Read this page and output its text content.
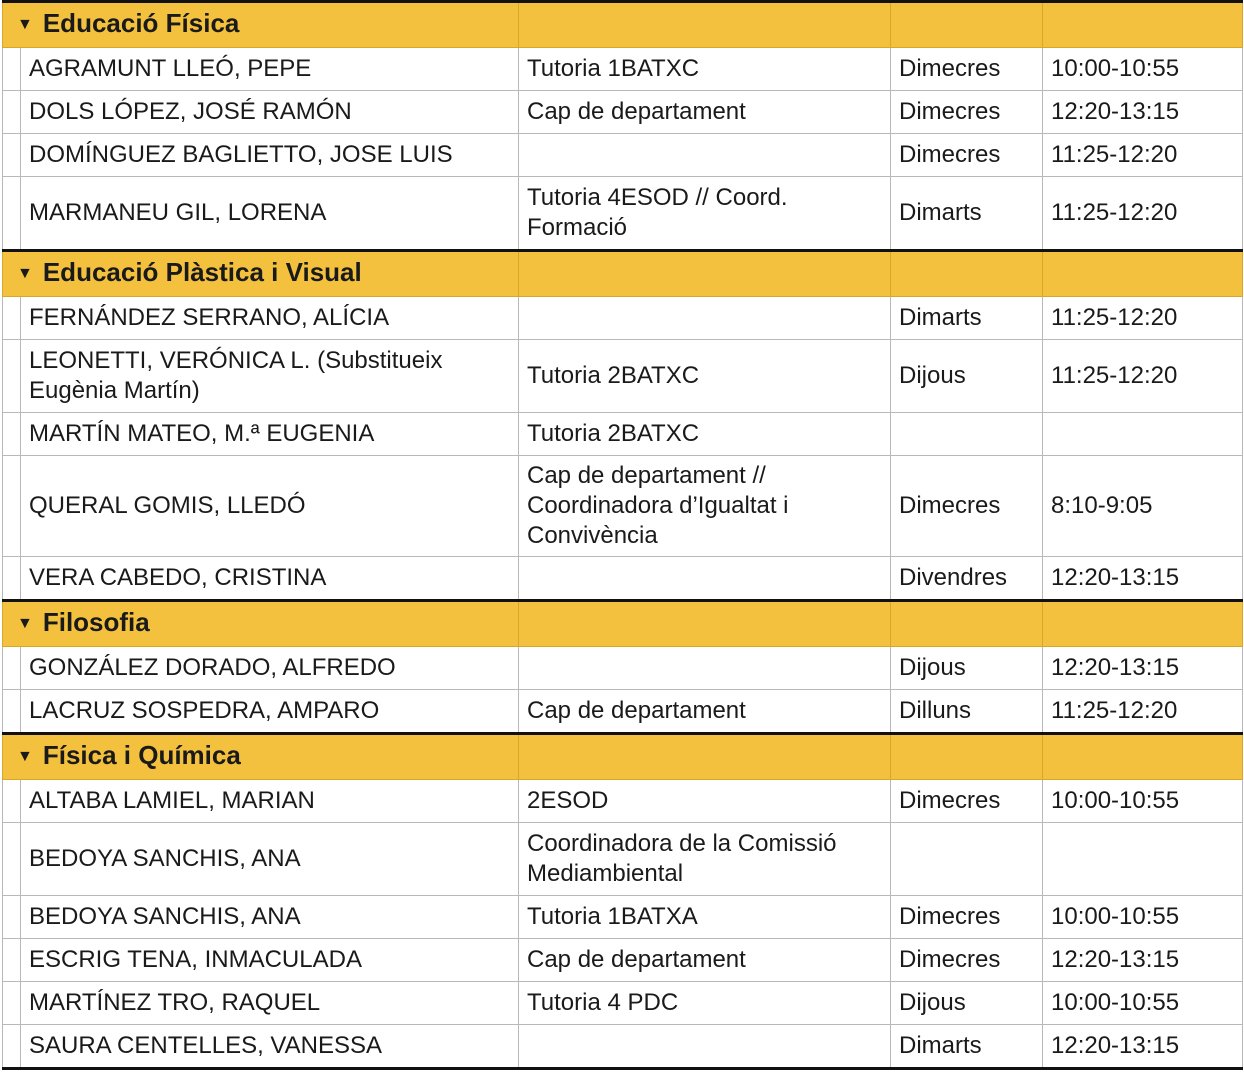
▼ Educació Física				
	AGRAMUNT LLEÓ, PEPE	Tutoria 1BATXC	Dimecres	10:00-10:55
	DOLS LÓPEZ, JOSÉ RAMÓN	Cap de departament	Dimecres	12:20-13:15
	DOMÍNGUEZ BAGLIETTO, JOSE LUIS		Dimecres	11:25-12:20
	MARMANEU GIL, LORENA	Tutoria 4ESOD // Coord. Formació	Dimarts	11:25-12:20
▼ Educació Plàstica i Visual				
	FERNÁNDEZ SERRANO, ALÍCIA		Dimarts	11:25-12:20
	LEONETTI, VERÓNICA L. (Substitueix Eugènia Martín)	Tutoria 2BATXC	Dijous	11:25-12:20
	MARTÍN MATEO, M.ª EUGENIA	Tutoria 2BATXC		
	QUERAL GOMIS, LLEDÓ	Cap de departament // Coordinadora d’Igualtat i Convivència	Dimecres	8:10-9:05
	VERA CABEDO, CRISTINA		Divendres	12:20-13:15
▼ Filosofia				
	GONZÁLEZ DORADO, ALFREDO		Dijous	12:20-13:15
	LACRUZ SOSPEDRA, AMPARO	Cap de departament	Dilluns	11:25-12:20
▼ Física i Química				
	ALTABA LAMIEL, MARIAN	2ESOD	Dimecres	10:00-10:55
	BEDOYA SANCHIS, ANA	Coordinadora de la Comissió Mediambiental		
	BEDOYA SANCHIS, ANA	Tutoria 1BATXA	Dimecres	10:00-10:55
	ESCRIG TENA, INMACULADA	Cap de departament	Dimecres	12:20-13:15
	MARTÍNEZ TRO, RAQUEL	Tutoria 4 PDC	Dijous	10:00-10:55
	SAURA CENTELLES, VANESSA		Dimarts	12:20-13:15
